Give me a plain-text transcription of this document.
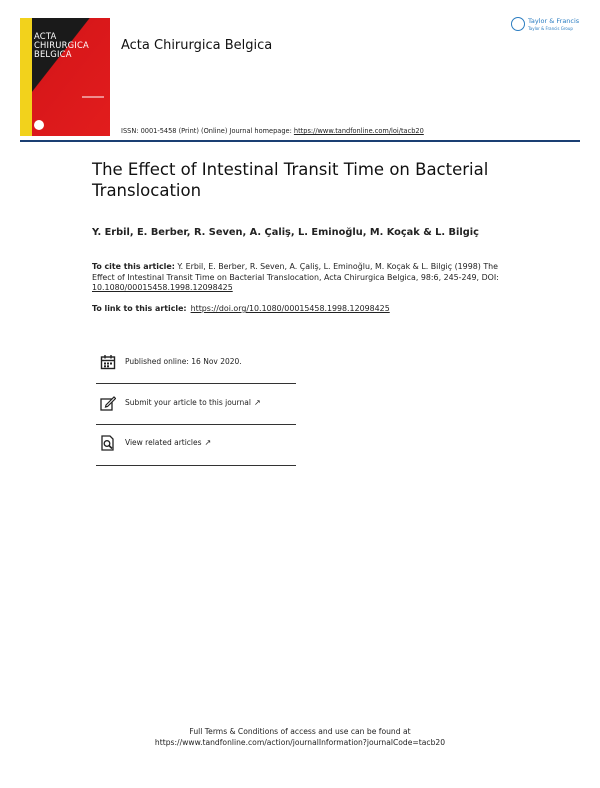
ACTA
CHIRURGICA
BELGICA
Acta Chirurgica Belgica
Taylor & Francis
Taylor & Francis Group
ISSN: 0001-5458 (Print) (Online) Journal homepage: https://www.tandfonline.com/loi/tacb20
The Effect of Intestinal Transit Time on Bacterial Translocation
Y. Erbil, E. Berber, R. Seven, A. Çaliş, L. Eminoğlu, M. Koçak & L. Bilgiç
To cite this article: Y. Erbil, E. Berber, R. Seven, A. Çaliş, L. Eminoğlu, M. Koçak & L. Bilgiç (1998) The Effect of Intestinal Transit Time on Bacterial Translocation, Acta Chirurgica Belgica, 98:6, 245-249, DOI: 10.1080/00015458.1998.12098425
To link to this article: https://doi.org/10.1080/00015458.1998.12098425
Published online: 16 Nov 2020.
Submit your article to this journal ↗
View related articles ↗
Full Terms & Conditions of access and use can be found at
https://www.tandfonline.com/action/journalInformation?journalCode=tacb20
